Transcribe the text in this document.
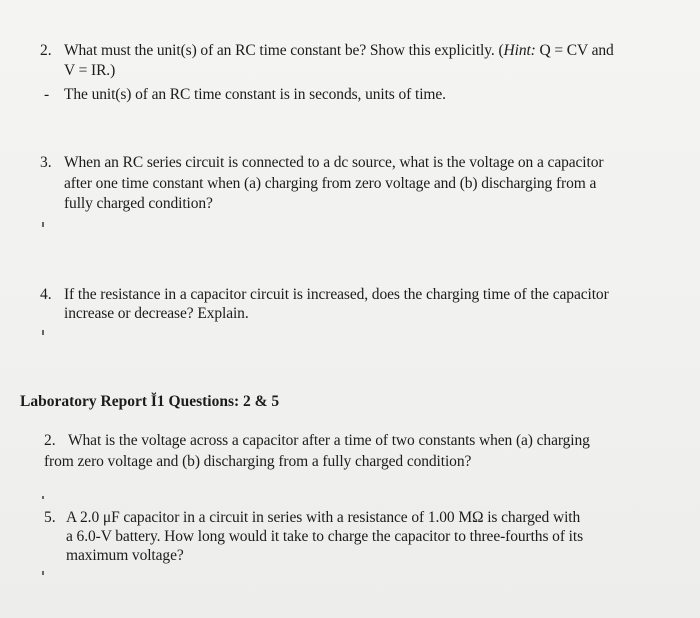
2. What must the unit(s) of an RC time constant be? Show this explicitly. (Hint: Q = CV and
V = IR.)
- The unit(s) of an RC time constant is in seconds, units of time.
3. When an RC series circuit is connected to a dc source, what is the voltage on a capacitor
after one time constant when (a) charging from zero voltage and (b) discharging from a
fully charged condition?
4. If the resistance in a capacitor circuit is increased, does the charging time of the capacitor
increase or decrease? Explain.
Laboratory Report Ĭ1 Questions: 2 & 5
2. What is the voltage across a capacitor after a time of two constants when (a) charging
from zero voltage and (b) discharging from a fully charged condition?
5. A 2.0 μF capacitor in a circuit in series with a resistance of 1.00 MΩ is charged with
a 6.0-V battery. How long would it take to charge the capacitor to three-fourths of its
maximum voltage?
